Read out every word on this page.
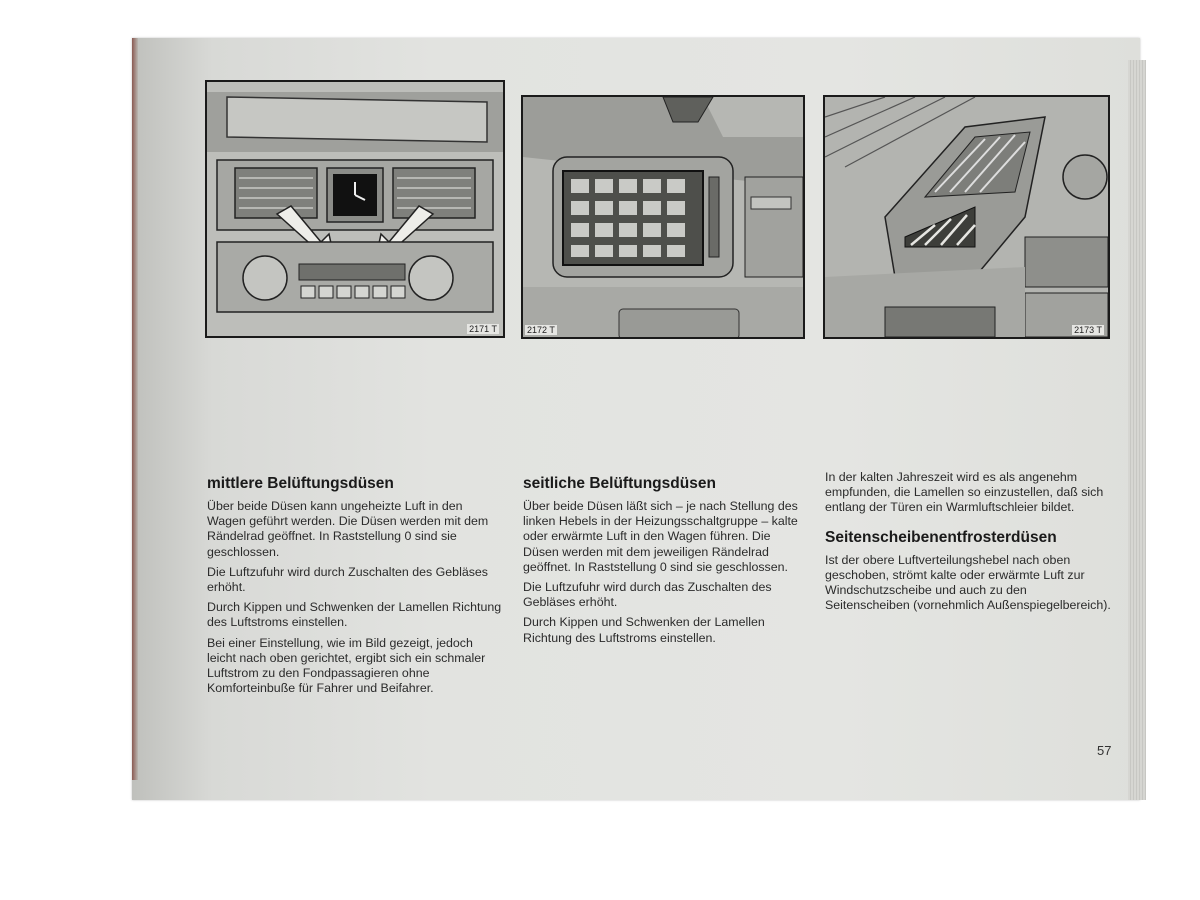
2171 T	2172 T	2173 T
mittlere Belüftungsdüsen

Über beide Düsen kann ungeheizte Luft in den Wagen geführt werden. Die Düsen werden mit dem Rändelrad geöffnet. In Raststellung 0 sind sie geschlossen.

Die Luftzufuhr wird durch Zuschalten des Gebläses erhöht.

Durch Kippen und Schwenken der Lamellen Richtung des Luftstroms einstellen.

Bei einer Einstellung, wie im Bild gezeigt, jedoch leicht nach oben gerichtet, ergibt sich ein schmaler Luftstrom zu den Fondpassagieren ohne Komforteinbuße für Fahrer und Beifahrer.

seitliche Belüftungsdüsen

Über beide Düsen läßt sich – je nach Stellung des linken Hebels in der Heizungsschaltgruppe – kalte oder erwärmte Luft in den Wagen führen. Die Düsen werden mit dem jeweiligen Rändelrad geöffnet. In Raststellung 0 sind sie geschlossen.

Die Luftzufuhr wird durch das Zuschalten des Gebläses erhöht.

Durch Kippen und Schwenken der Lamellen Richtung des Luftstroms einstellen.

In der kalten Jahreszeit wird es als angenehm empfunden, die Lamellen so einzustellen, daß sich entlang der Türen ein Warmluftschleier bildet.

Seitenscheibenentfrosterdüsen

Ist der obere Luftverteilungshebel nach oben geschoben, strömt kalte oder erwärmte Luft zur Windschutzscheibe und auch zu den Seitenscheiben (vornehmlich Außenspiegelbereich).

57
